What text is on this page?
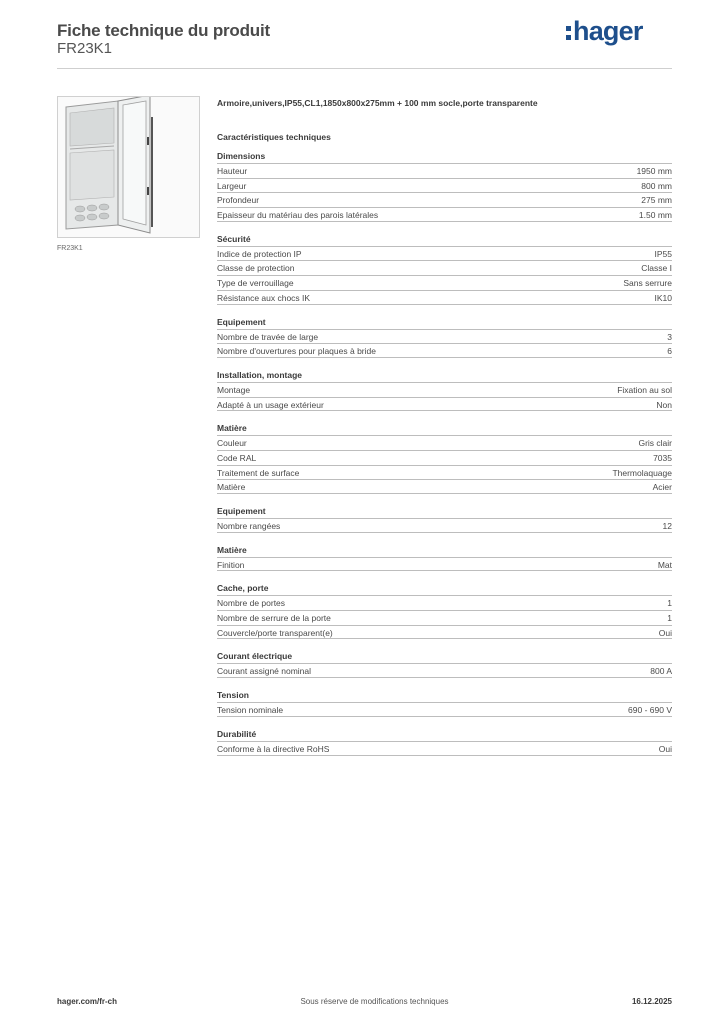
Fiche technique du produit
FR23K1
hager
FR23K1
Armoire,univers,IP55,CL1,1850x800x275mm + 100 mm socle,porte transparente
Caractéristiques techniques
Dimensions
Hauteur	1950 mm
Largeur	800 mm
Profondeur	275 mm
Epaisseur du matériau des parois latérales	1.50 mm
Sécurité
Indice de protection IP	IP55
Classe de protection	Classe I
Type de verrouillage	Sans serrure
Résistance aux chocs IK	IK10
Equipement
Nombre de travée de large	3
Nombre d'ouvertures pour plaques à bride	6
Installation, montage
Montage	Fixation au sol
Adapté à un usage extérieur	Non
Matière
Couleur	Gris clair
Code RAL	7035
Traitement de surface	Thermolaquage
Matière	Acier
Equipement
Nombre rangées	12
Matière
Finition	Mat
Cache, porte
Nombre de portes	1
Nombre de serrure de la porte	1
Couvercle/porte transparent(e)	Oui
Courant électrique
Courant assigné nominal	800 A
Tension
Tension nominale	690 - 690 V
Durabilité
Conforme à la directive RoHS	Oui
hager.com/fr-ch	Sous réserve de modifications techniques	16.12.2025
